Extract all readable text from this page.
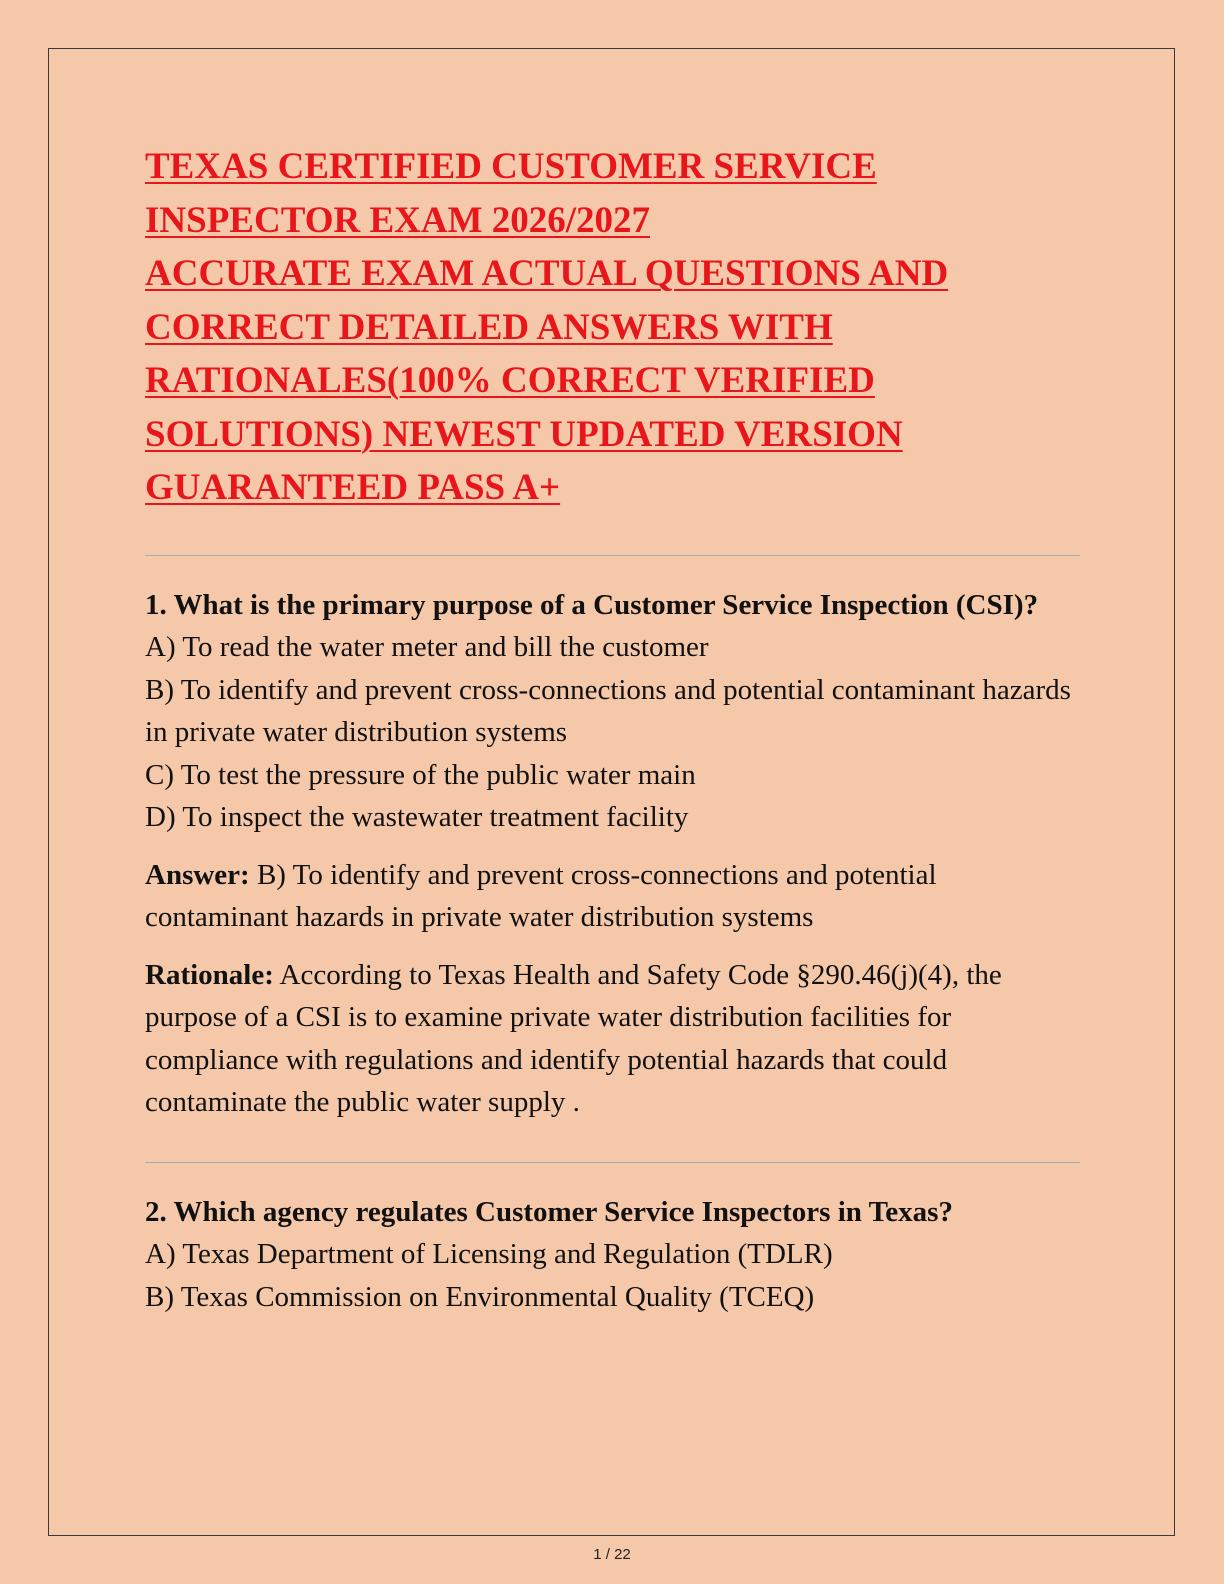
TEXAS CERTIFIED CUSTOMER SERVICE
INSPECTOR EXAM 2026/2027
ACCURATE EXAM ACTUAL QUESTIONS AND
CORRECT DETAILED ANSWERS WITH
RATIONALES(100% CORRECT VERIFIED
SOLUTIONS) NEWEST UPDATED VERSION
GUARANTEED PASS A+

1. What is the primary purpose of a Customer Service Inspection (CSI)?

A) To read the water meter and bill the customer
B) To identify and prevent cross-connections and potential contaminant hazards in private water distribution systems
C) To test the pressure of the public water main
D) To inspect the wastewater treatment facility

Answer: B) To identify and prevent cross-connections and potential contaminant hazards in private water distribution systems

Rationale: According to Texas Health and Safety Code §290.46(j)(4), the purpose of a CSI is to examine private water distribution facilities for compliance with regulations and identify potential hazards that could contaminate the public water supply .

2. Which agency regulates Customer Service Inspectors in Texas?

A) Texas Department of Licensing and Regulation (TDLR)
B) Texas Commission on Environmental Quality (TCEQ)
1 / 22
